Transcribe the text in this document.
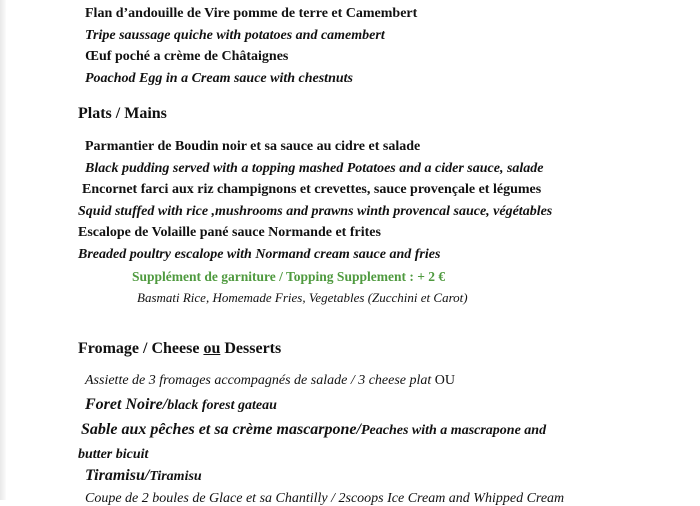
Flan d’andouille de Vire pomme de terre et Camembert
Tripe saussage quiche with potatoes and camembert
Œuf poché a crème de Châtaignes
Poachod Egg in a Cream sauce with chestnuts
Plats / Mains
Parmantier de Boudin noir et sa sauce au cidre et salade
Black pudding served with a topping mashed Potatoes and a cider sauce, salade
Encornet farci aux riz champignons et crevettes, sauce provençale et légumes
Squid stuffed with rice ,mushrooms and prawns winth provencal sauce, végétables
Escalope de Volaille pané sauce Normande et frites
Breaded poultry escalope with Normand cream sauce and fries
Supplément de garniture / Topping Supplement : + 2 €
Basmati Rice, Homemade Fries, Vegetables (Zucchini et Carot)
Fromage / Cheese ou Desserts
Assiette de 3 fromages accompagnés de salade / 3 cheese plat OU
Foret Noire/black forest gateau
Sable aux pêches et sa crème mascarpone/Peaches with a mascrapone and
butter bicuit
Tiramisu/Tiramisu
Coupe de 2 boules de Glace et sa Chantilly / 2scoops Ice Cream and Whipped Cream
